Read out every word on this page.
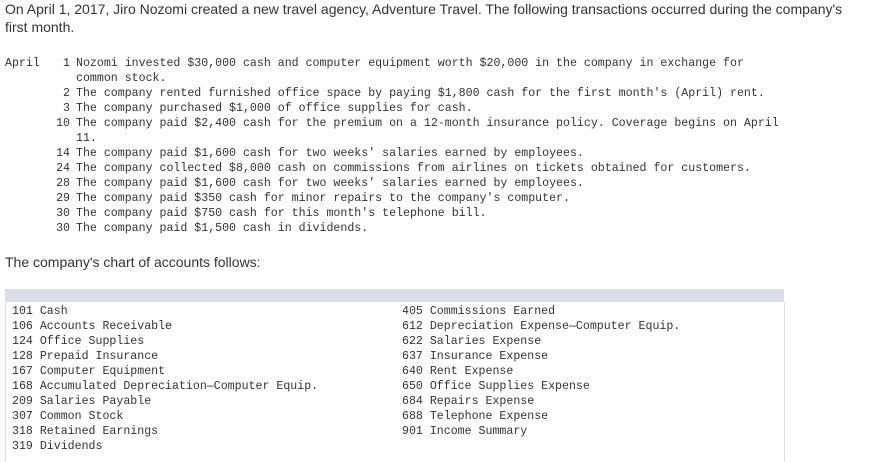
On April 1, 2017, Jiro Nozomi created a new travel agency, Adventure Travel. The following transactions occurred during the company's first month.

April	1 Nozomi invested $30,000 cash and computer equipment worth $20,000 in the company in exchange for
common stock.
2 The company rented furnished office space by paying $1,800 cash for the first month's (April) rent.
3 The company purchased $1,000 of office supplies for cash.
10 The company paid $2,400 cash for the premium on a 12-month insurance policy. Coverage begins on April
11.
14 The company paid $1,600 cash for two weeks' salaries earned by employees.
24 The company collected $8,000 cash on commissions from airlines on tickets obtained for customers.
28 The company paid $1,600 cash for two weeks' salaries earned by employees.
29 The company paid $350 cash for minor repairs to the company's computer.
30 The company paid $750 cash for this month's telephone bill.
30 The company paid $1,500 cash in dividends.
The company's chart of accounts follows:
101 Cash
106 Accounts Receivable
124 Office Supplies
128 Prepaid Insurance
167 Computer Equipment
168 Accumulated Depreciation—Computer Equip.
209 Salaries Payable
307 Common Stock
318 Retained Earnings
319 Dividends
405 Commissions Earned
612 Depreciation Expense—Computer Equip.
622 Salaries Expense
637 Insurance Expense
640 Rent Expense
650 Office Supplies Expense
684 Repairs Expense
688 Telephone Expense
901 Income Summary
